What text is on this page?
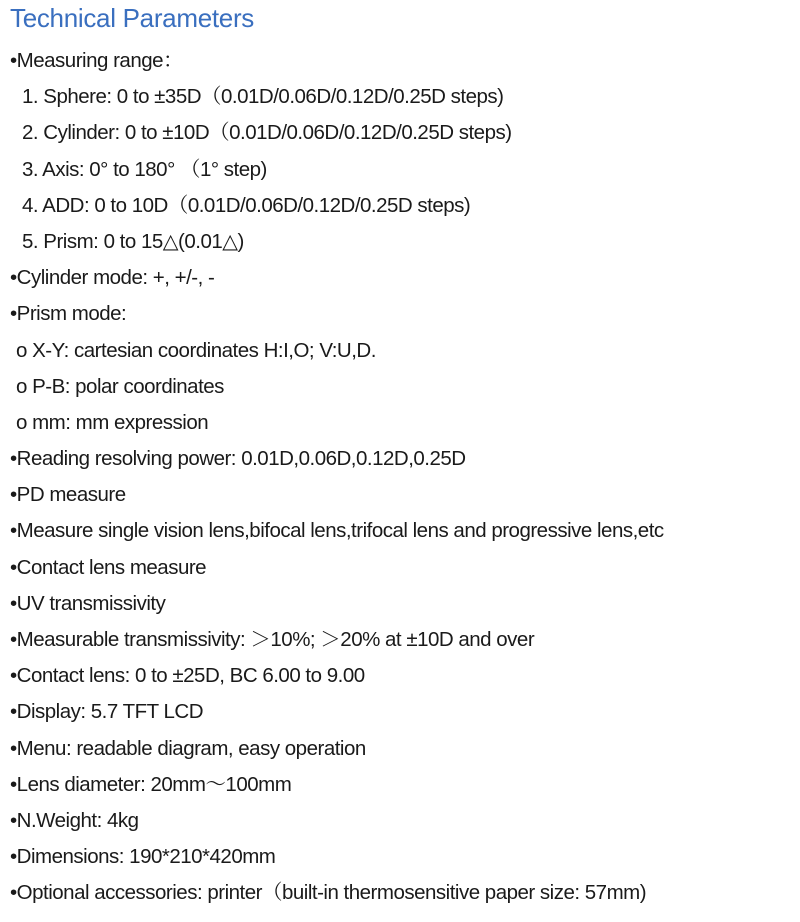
Technical Parameters
•Measuring range：
1. Sphere: 0 to ±35D（0.01D/0.06D/0.12D/0.25D steps)
2. Cylinder: 0 to ±10D（0.01D/0.06D/0.12D/0.25D steps)
3. Axis: 0° to 180° （1° step)
4. ADD: 0 to 10D（0.01D/0.06D/0.12D/0.25D steps)
5. Prism: 0 to 15△(0.01△)
•Cylinder mode: +, +/-, -
•Prism mode:
o X-Y: cartesian coordinates H:I,O; V:U,D.
o P-B: polar coordinates
o mm: mm expression
•Reading resolving power: 0.01D,0.06D,0.12D,0.25D
•PD measure
•Measure single vision lens,bifocal lens,trifocal lens and progressive lens,etc
•Contact lens measure
•UV transmissivity
•Measurable transmissivity: ＞10%; ＞20% at ±10D and over
•Contact lens: 0 to ±25D, BC 6.00 to 9.00
•Display: 5.7 TFT LCD
•Menu: readable diagram, easy operation
•Lens diameter: 20mm～100mm
•N.Weight: 4kg
•Dimensions: 190*210*420mm
•Optional accessories: printer（built-in thermosensitive paper size: 57mm)
